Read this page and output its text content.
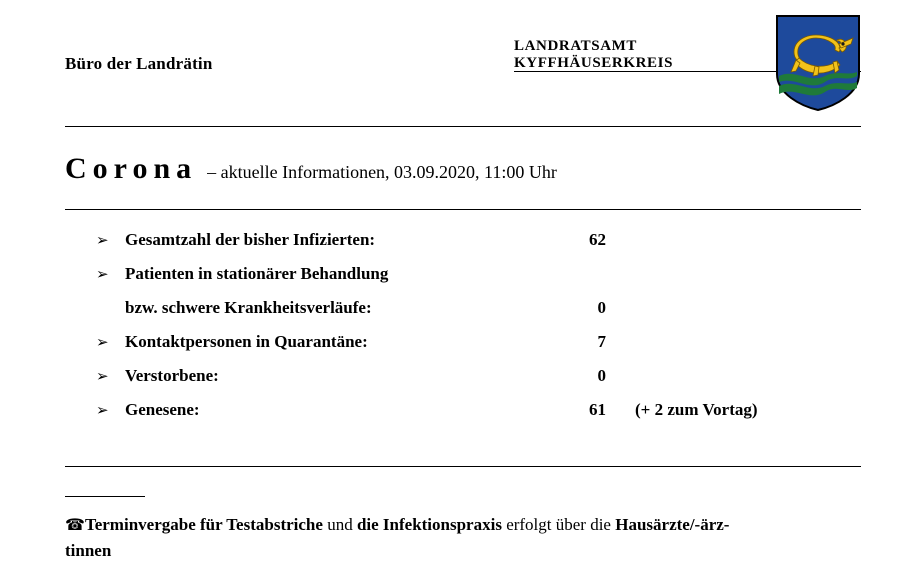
Büro der Landrätin
LANDRATSAMT
KYFFHÄUSERKREIS
Corona – aktuelle Informationen, 03.09.2020, 11:00 Uhr
➢ Gesamtzahl der bisher Infizierten:	62
➢ Patienten in stationärer Behandlung
bzw. schwere Krankheitsverläufe:	0
➢ Kontaktpersonen in Quarantäne:	7
➢ Verstorbene:	0
➢ Genesene:	61 (+ 2 zum Vortag)
☎Terminvergabe für Testabstriche und die Infektionspraxis erfolgt über die Hausärzte/-ärz-
tinnen
